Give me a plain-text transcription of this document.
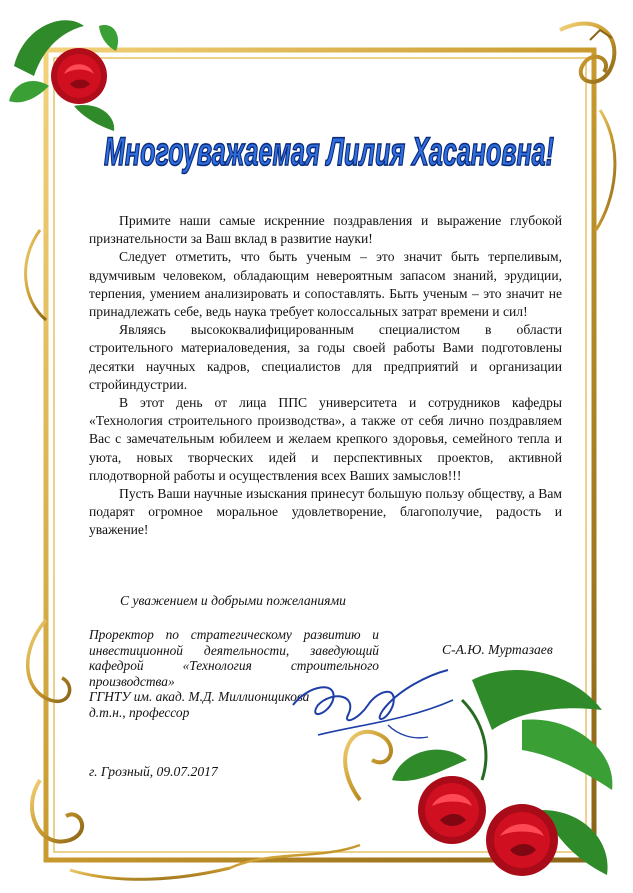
Многоуважаемая Лилия Хасановна!

Примите наши самые искренние поздравления и выражение глубокой признательности за Ваш вклад в развитие науки!

Следует отметить, что быть ученым – это значит быть терпеливым, вдумчивым человеком, обладающим невероятным запасом знаний, эрудиции, терпения, умением анализировать и сопоставлять. Быть ученым – это значит не принадлежать себе, ведь наука требует колоссальных затрат времени и сил!

Являясь высококвалифицированным специалистом в области строительного материаловедения, за годы своей работы Вами подготовлены десятки научных кадров, специалистов для предприятий и организации стройиндустрии.

В этот день от лица ППС университета и сотрудников кафедры «Технология строительного производства», а также от себя лично поздравляем Вас с замечательным юбилеем и желаем крепкого здоровья, семейного тепла и уюта, новых творческих идей и перспективных проектов, активной плодотворной работы и осуществления всех Ваших замыслов!!!

Пусть Ваши научные изыскания принесут большую пользу обществу, а Вам подарят огромное моральное удовлетворение, благополучие, радость и уважение!

С уважением и добрыми пожеланиями
Проректор по стратегическому развитию и инвестиционной деятельности, заведующий кафедрой «Технология строительного производства»
ГГНТУ им. акад. М.Д. Миллионщикова
д.т.н., профессор
С-А.Ю. Муртазаев
г. Грозный, 09.07.2017
